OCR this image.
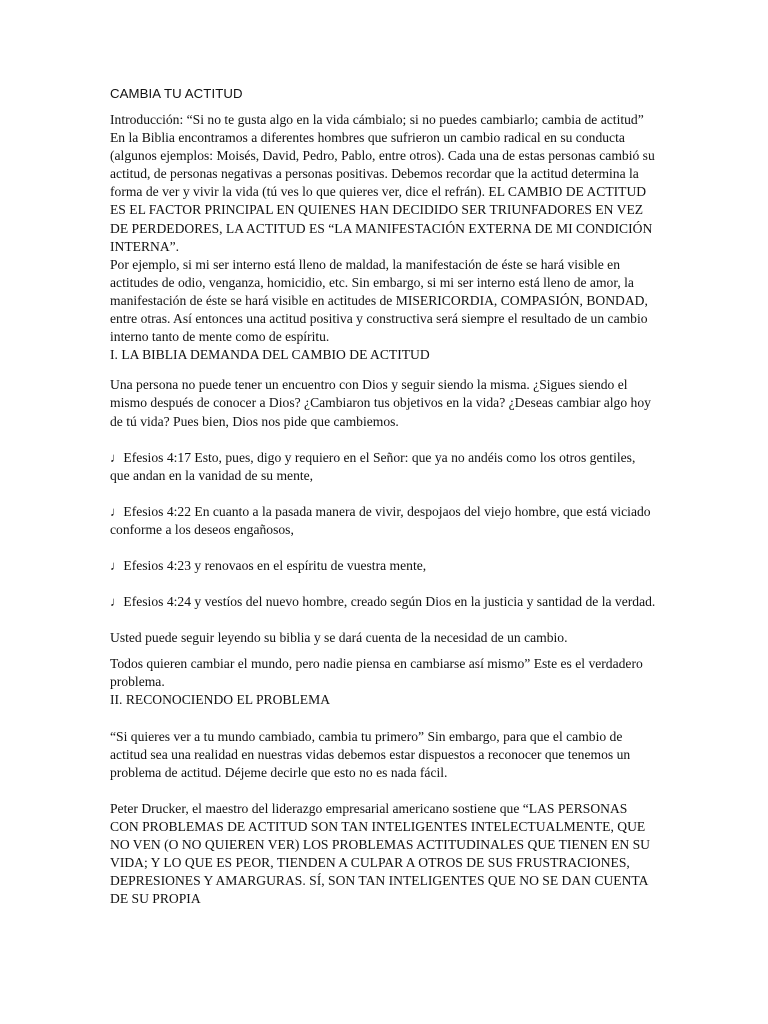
CAMBIA TU ACTITUD

Introducción: “Si no te gusta algo en la vida cámbialo; si no puedes cambiarlo; cambia de actitud” En la Biblia encontramos a diferentes hombres que sufrieron un cambio radical en su conducta (algunos ejemplos: Moisés, David, Pedro, Pablo, entre otros). Cada una de estas personas cambió su actitud, de personas negativas a personas positivas. Debemos recordar que la actitud determina la forma de ver y vivir la vida (tú ves lo que quieres ver, dice el refrán). EL CAMBIO DE ACTITUD ES EL FACTOR PRINCIPAL EN QUIENES HAN DECIDIDO SER TRIUNFADORES EN VEZ DE PERDEDORES, LA ACTITUD ES “LA MANIFESTACIÓN EXTERNA DE MI CONDICIÓN INTERNA”.

Por ejemplo, si mi ser interno está lleno de maldad, la manifestación de éste se hará visible en actitudes de odio, venganza, homicidio, etc. Sin embargo, si mi ser interno está lleno de amor, la manifestación de éste se hará visible en actitudes de MISERICORDIA, COMPASIÓN, BONDAD, entre otras. Así entonces una actitud positiva y constructiva será siempre el resultado de un cambio interno tanto de mente como de espíritu.

I. LA BIBLIA DEMANDA DEL CAMBIO DE ACTITUD

Una persona no puede tener un encuentro con Dios y seguir siendo la misma. ¿Sigues siendo el mismo después de conocer a Dios? ¿Cambiaron tus objetivos en la vida? ¿Deseas cambiar algo hoy de tú vida? Pues bien, Dios nos pide que cambiemos.

♩ Efesios 4:17 Esto, pues, digo y requiero en el Señor: que ya no andéis como los otros gentiles, que andan en la vanidad de su mente,

♩ Efesios 4:22 En cuanto a la pasada manera de vivir, despojaos del viejo hombre, que está viciado conforme a los deseos engañosos,

♩ Efesios 4:23 y renovaos en el espíritu de vuestra mente,

♩ Efesios 4:24 y vestíos del nuevo hombre, creado según Dios en la justicia y santidad de la verdad.

Usted puede seguir leyendo su biblia y se dará cuenta de la necesidad de un cambio.

Todos quieren cambiar el mundo, pero nadie piensa en cambiarse así mismo” Este es el verdadero problema.

II. RECONOCIENDO EL PROBLEMA

“Si quieres ver a tu mundo cambiado, cambia tu primero” Sin embargo, para que el cambio de actitud sea una realidad en nuestras vidas debemos estar dispuestos a reconocer que tenemos un problema de actitud. Déjeme decirle que esto no es nada fácil.

Peter Drucker, el maestro del liderazgo empresarial americano sostiene que “LAS PERSONAS CON PROBLEMAS DE ACTITUD SON TAN INTELIGENTES INTELECTUALMENTE, QUE NO VEN (O NO QUIEREN VER) LOS PROBLEMAS ACTITUDINALES QUE TIENEN EN SU VIDA; Y LO QUE ES PEOR, TIENDEN A CULPAR A OTROS DE SUS FRUSTRACIONES, DEPRESIONES Y AMARGURAS. SÍ, SON TAN INTELIGENTES QUE NO SE DAN CUENTA DE SU PROPIA
